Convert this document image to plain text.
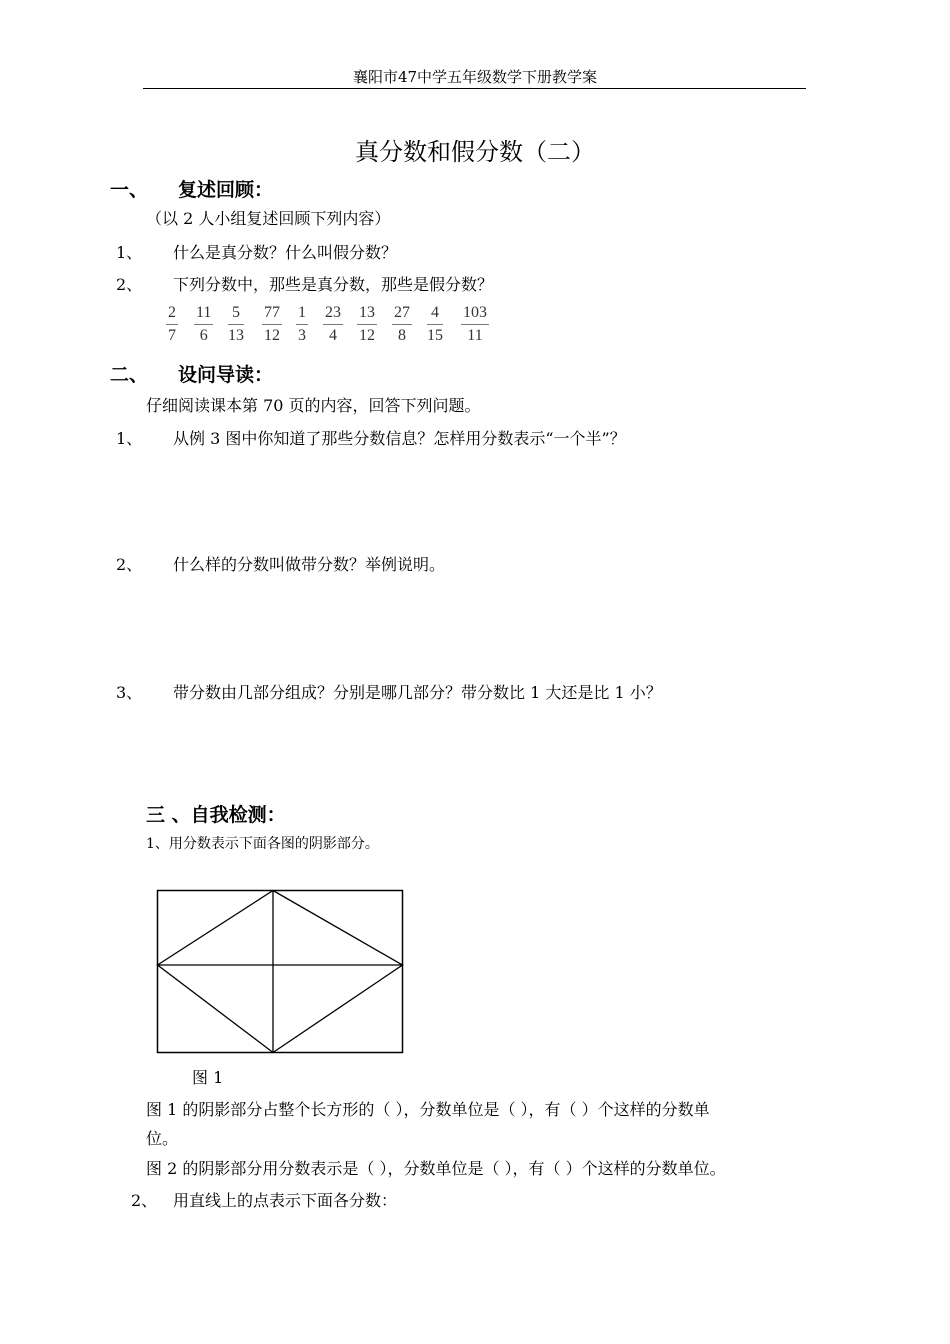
襄阳市47中学五年级数学下册教学案
真分数和假分数（二）
一、 复述回顾：
（以 2 人小组复述回顾下列内容）
1、 什么是真分数？什么叫假分数？
2、 下列分数中，那些是真分数，那些是假分数？
$\frac{2}{7} \frac{11}{6} \frac{5}{13} \frac{77}{12} \frac{1}{3} \frac{23}{4} \frac{13}{12} \frac{27}{8} \frac{4}{15} \frac{103}{11}$
二、 设问导读：
仔细阅读课本第 70 页的内容，回答下列问题。
1、 从例 3 图中你知道了那些分数信息？怎样用分数表示“一个半”？
2、 什么样的分数叫做带分数？举例说明。
3、 带分数由几部分组成？分别是哪几部分？带分数比 1 大还是比 1 小？
三 、自我检测：
1、用分数表示下面各图的阴影部分。
图 1
图 1 的阴影部分占整个长方形的（ ），分数单位是（ ），有（ ）个这样的分数单
位。
图 2 的阴影部分用分数表示是（ ），分数单位是（ ），有（ ）个这样的分数单位。
2、 用直线上的点表示下面各分数：
